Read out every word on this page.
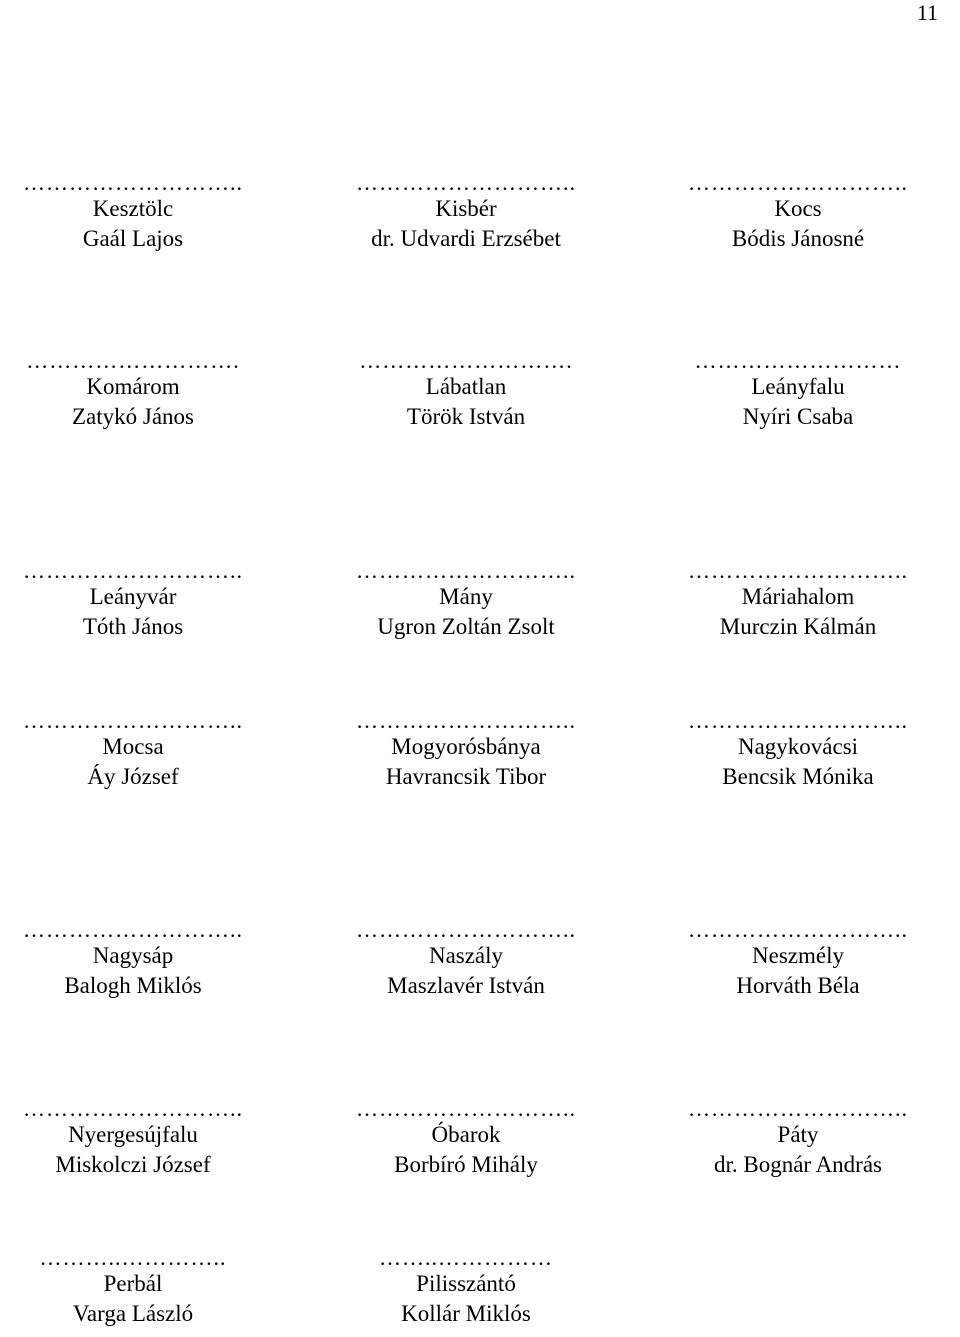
11
………………………..
Kesztölc
Gaál Lajos
………………………..
Kisbér
dr. Udvardi Erzsébet
………………………..
Kocs
Bódis Jánosné
……………………….
Komárom
Zatykó János
……………………….
Lábatlan
Török István
………………………
Leányfalu
Nyíri Csaba
………………………..
Leányvár
Tóth János
………………………..
Mány
Ugron Zoltán Zsolt
………………………..
Máriahalom
Murczin Kálmán
………………………..
Mocsa
Áy József
………………………..
Mogyorósbánya
Havrancsik Tibor
………………………..
Nagykovácsi
Bencsik Mónika
………………………..
Nagysáp
Balogh Miklós
………………………..
Naszály
Maszlavér István
………………………..
Neszmély
Horváth Béla
………………………..
Nyergesújfalu
Miskolczi József
………………………..
Óbarok
Borbíró Mihály
………………………..
Páty
dr. Bognár András
………..…………..
Perbál
Varga László
……..……………
Pilisszántó
Kollár Miklós
